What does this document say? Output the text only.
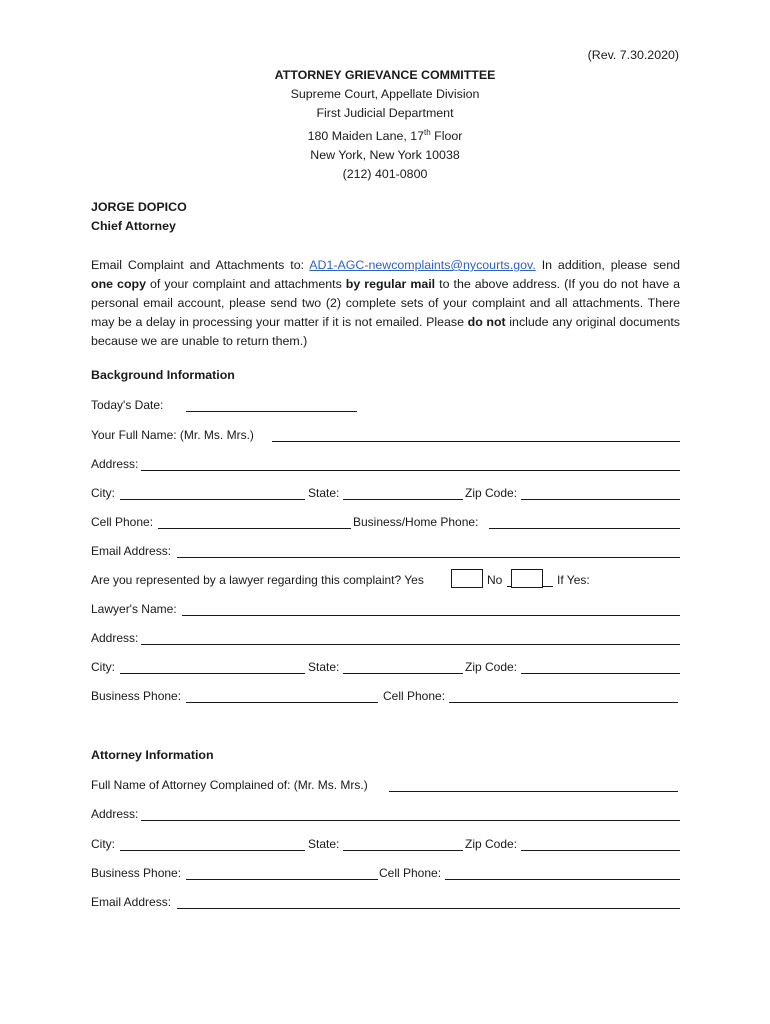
(Rev. 7.30.2020)
ATTORNEY GRIEVANCE COMMITTEE
Supreme Court, Appellate Division
First Judicial Department
180 Maiden Lane, 17th Floor
New York, New York 10038
(212) 401-0800
JORGE DOPICO
Chief Attorney
Email Complaint and Attachments to: AD1-AGC-newcomplaints@nycourts.gov. In addition, please send one copy of your complaint and attachments by regular mail to the above address. (If you do not have a personal email account, please send two (2) complete sets of your complaint and all attachments. There may be a delay in processing your matter if it is not emailed. Please do not include any original documents because we are unable to return them.)
Background Information
Today's Date:
Your Full Name: (Mr. Ms. Mrs.)
Address:
City:	State:	Zip Code:
Cell Phone:	Business/Home Phone:
Email Address:
Are you represented by a lawyer regarding this complaint? Yes	No	If Yes:
Lawyer's Name:
Address:
City:	State:	Zip Code:
Business Phone:	Cell Phone:
Attorney Information
Full Name of Attorney Complained of: (Mr. Ms. Mrs.)
Address:
City:	State:	Zip Code:
Business Phone:	Cell Phone:
Email Address:
